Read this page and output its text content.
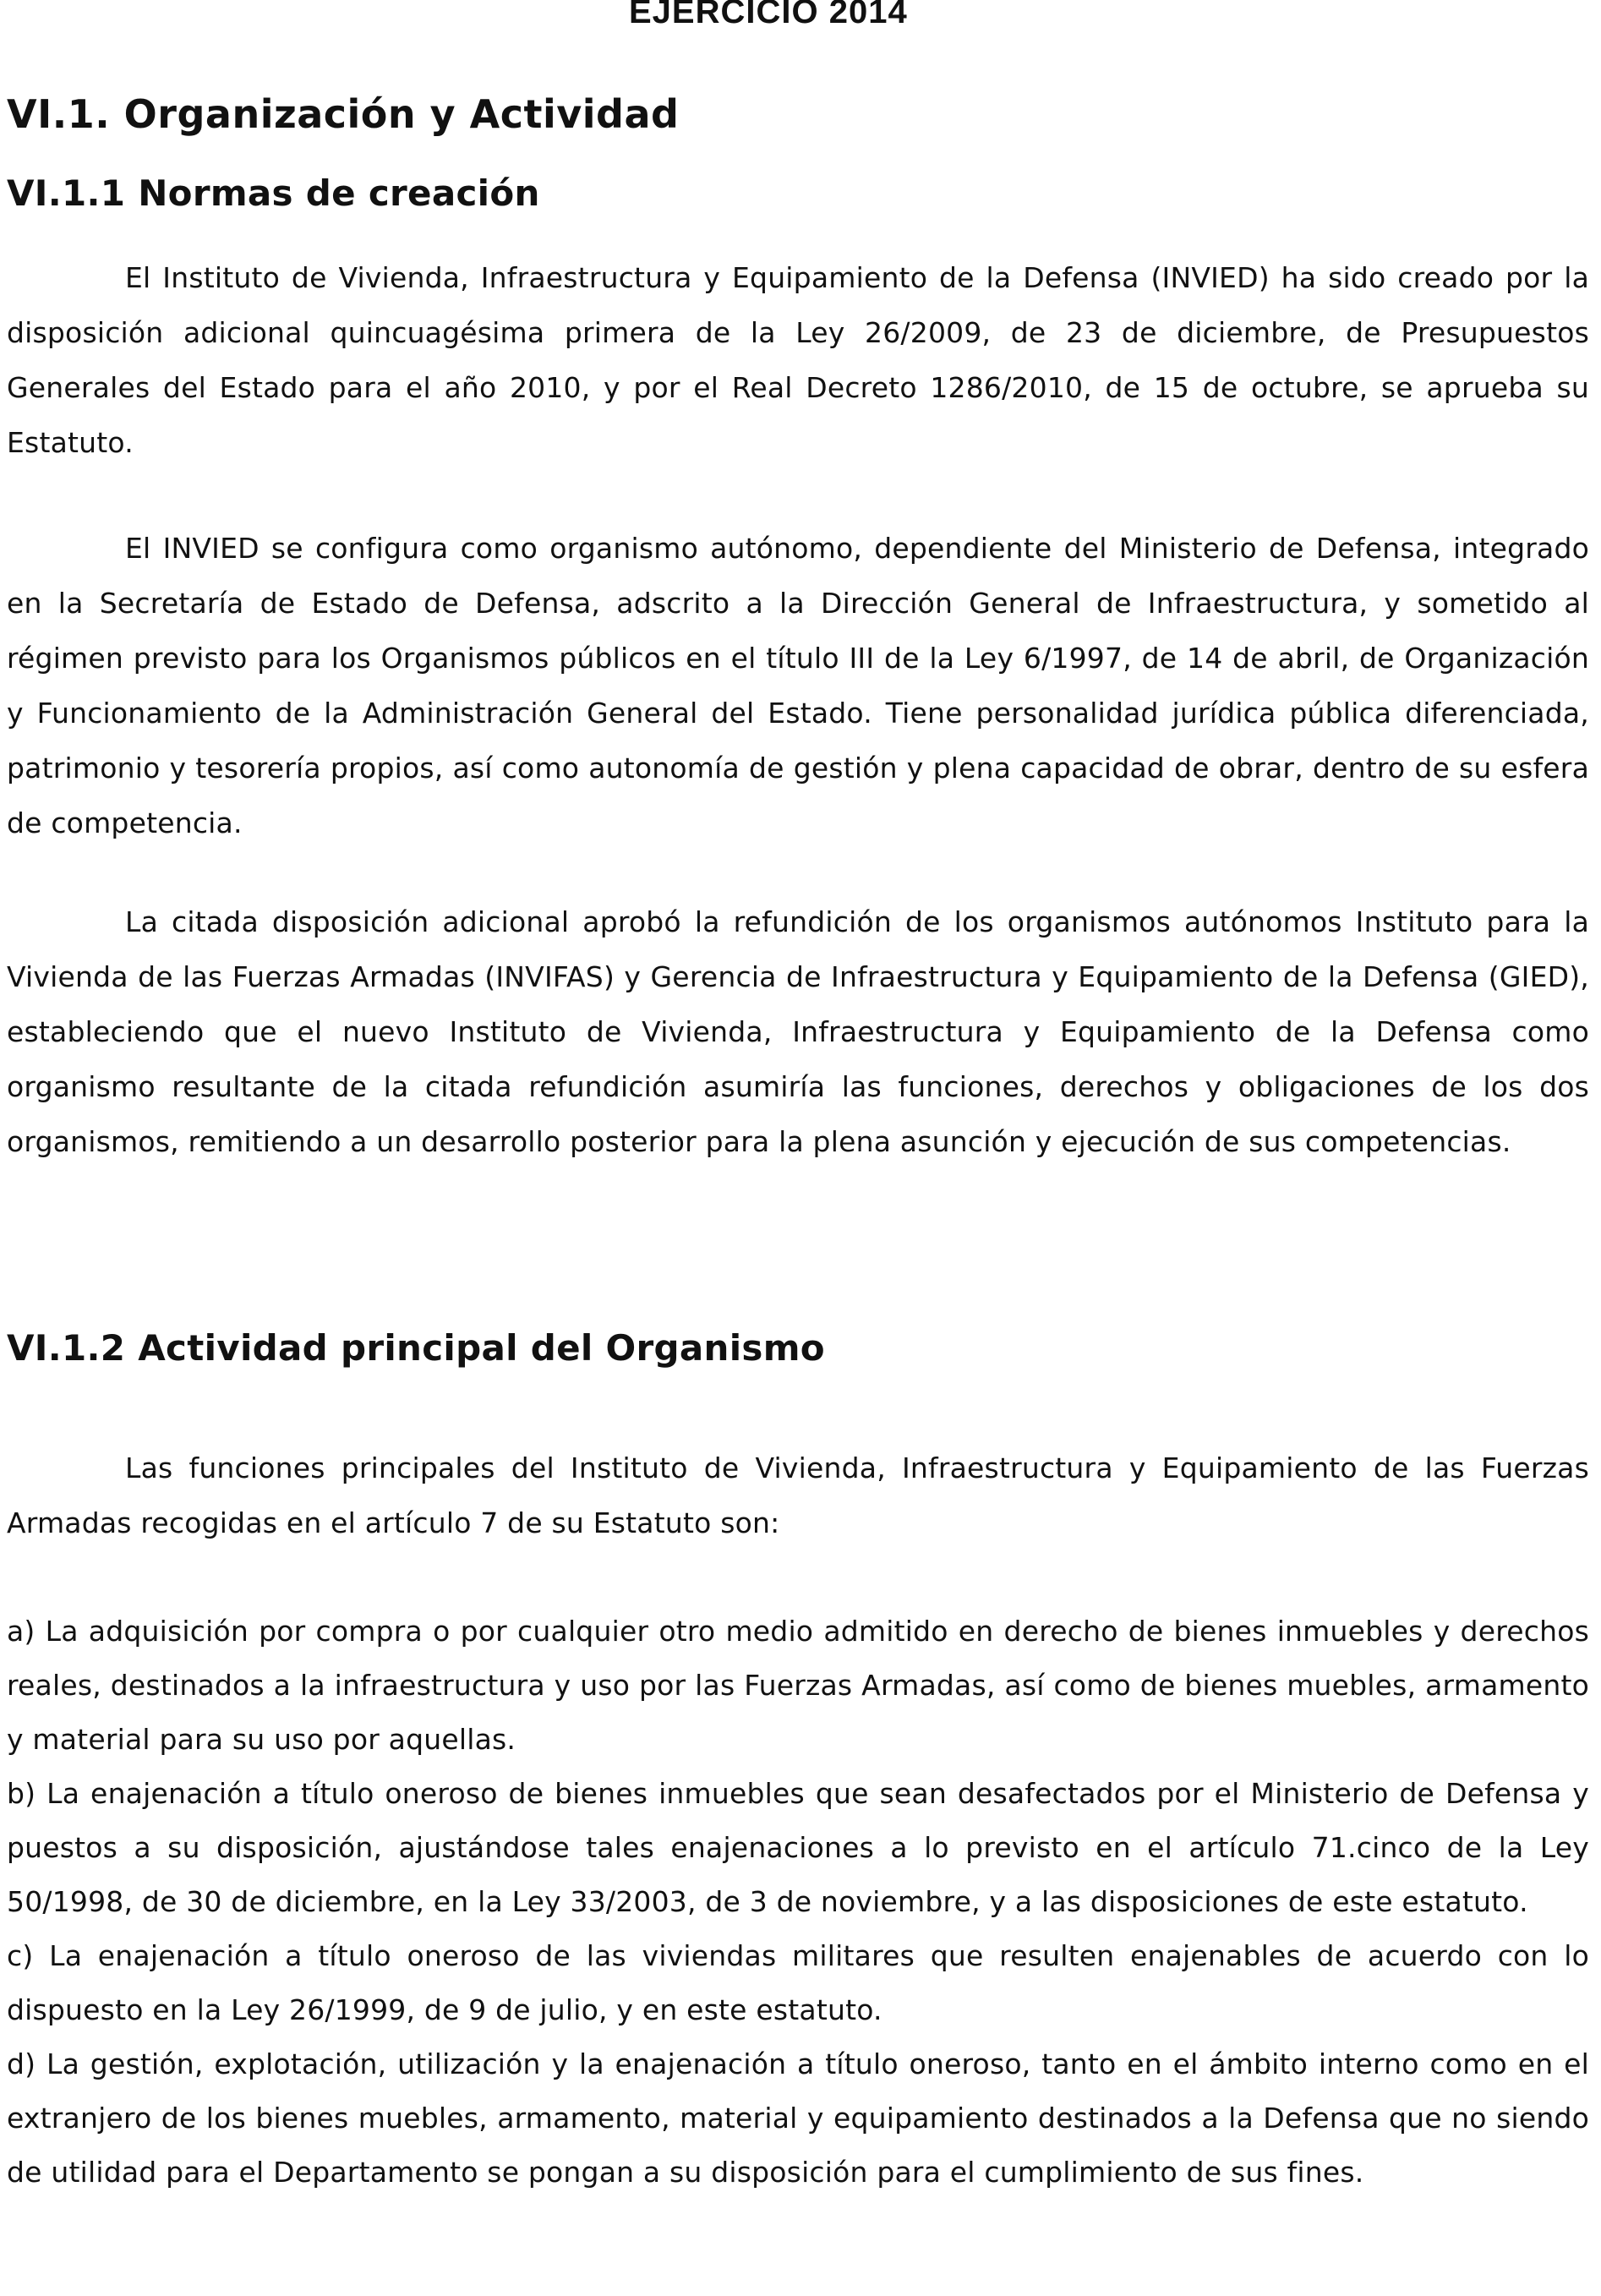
EJERCICIO 2014
VI.1. Organización y Actividad
VI.1.1 Normas de creación

El Instituto de Vivienda, Infraestructura y Equipamiento de la Defensa (INVIED) ha sido creado por la disposición adicional quincuagésima primera de la Ley 26/2009, de 23 de diciembre, de Presupuestos Generales del Estado para el año 2010, y por el Real Decreto 1286/2010, de 15 de octubre, se aprueba su Estatuto.

El INVIED se configura como organismo autónomo, dependiente del Ministerio de Defensa, integrado en la Secretaría de Estado de Defensa, adscrito a la Dirección General de Infraestructura, y sometido al régimen previsto para los Organismos públicos en el título III de la Ley 6/1997, de 14 de abril, de Organización y Funcionamiento de la Administración General del Estado. Tiene personalidad jurídica pública diferenciada, patrimonio y tesorería propios, así como autonomía de gestión y plena capacidad de obrar, dentro de su esfera de competencia.

La citada disposición adicional aprobó la refundición de los organismos autónomos Instituto para la Vivienda de las Fuerzas Armadas (INVIFAS) y Gerencia de Infraestructura y Equipamiento de la Defensa (GIED), estableciendo que el nuevo Instituto de Vivienda, Infraestructura y Equipamiento de la Defensa como organismo resultante de la citada refundición asumiría las funciones, derechos y obligaciones de los dos organismos, remitiendo a un desarrollo posterior para la plena asunción y ejecución de sus competencias.

VI.1.2 Actividad principal del Organismo

Las funciones principales del Instituto de Vivienda, Infraestructura y Equipamiento de las Fuerzas Armadas recogidas en el artículo 7 de su Estatuto son:

a) La adquisición por compra o por cualquier otro medio admitido en derecho de bienes inmuebles y derechos reales, destinados a la infraestructura y uso por las Fuerzas Armadas, así como de bienes muebles, armamento y material para su uso por aquellas.
b) La enajenación a título oneroso de bienes inmuebles que sean desafectados por el Ministerio de Defensa y puestos a su disposición, ajustándose tales enajenaciones a lo previsto en el artículo 71.cinco de la Ley 50/1998, de 30 de diciembre, en la Ley 33/2003, de 3 de noviembre, y a las disposiciones de este estatuto.
c) La enajenación a título oneroso de las viviendas militares que resulten enajenables de acuerdo con lo dispuesto en la Ley 26/1999, de 9 de julio, y en este estatuto.
d) La gestión, explotación, utilización y la enajenación a título oneroso, tanto en el ámbito interno como en el extranjero de los bienes muebles, armamento, material y equipamiento destinados a la Defensa que no siendo de utilidad para el Departamento se pongan a su disposición para el cumplimiento de sus fines.
